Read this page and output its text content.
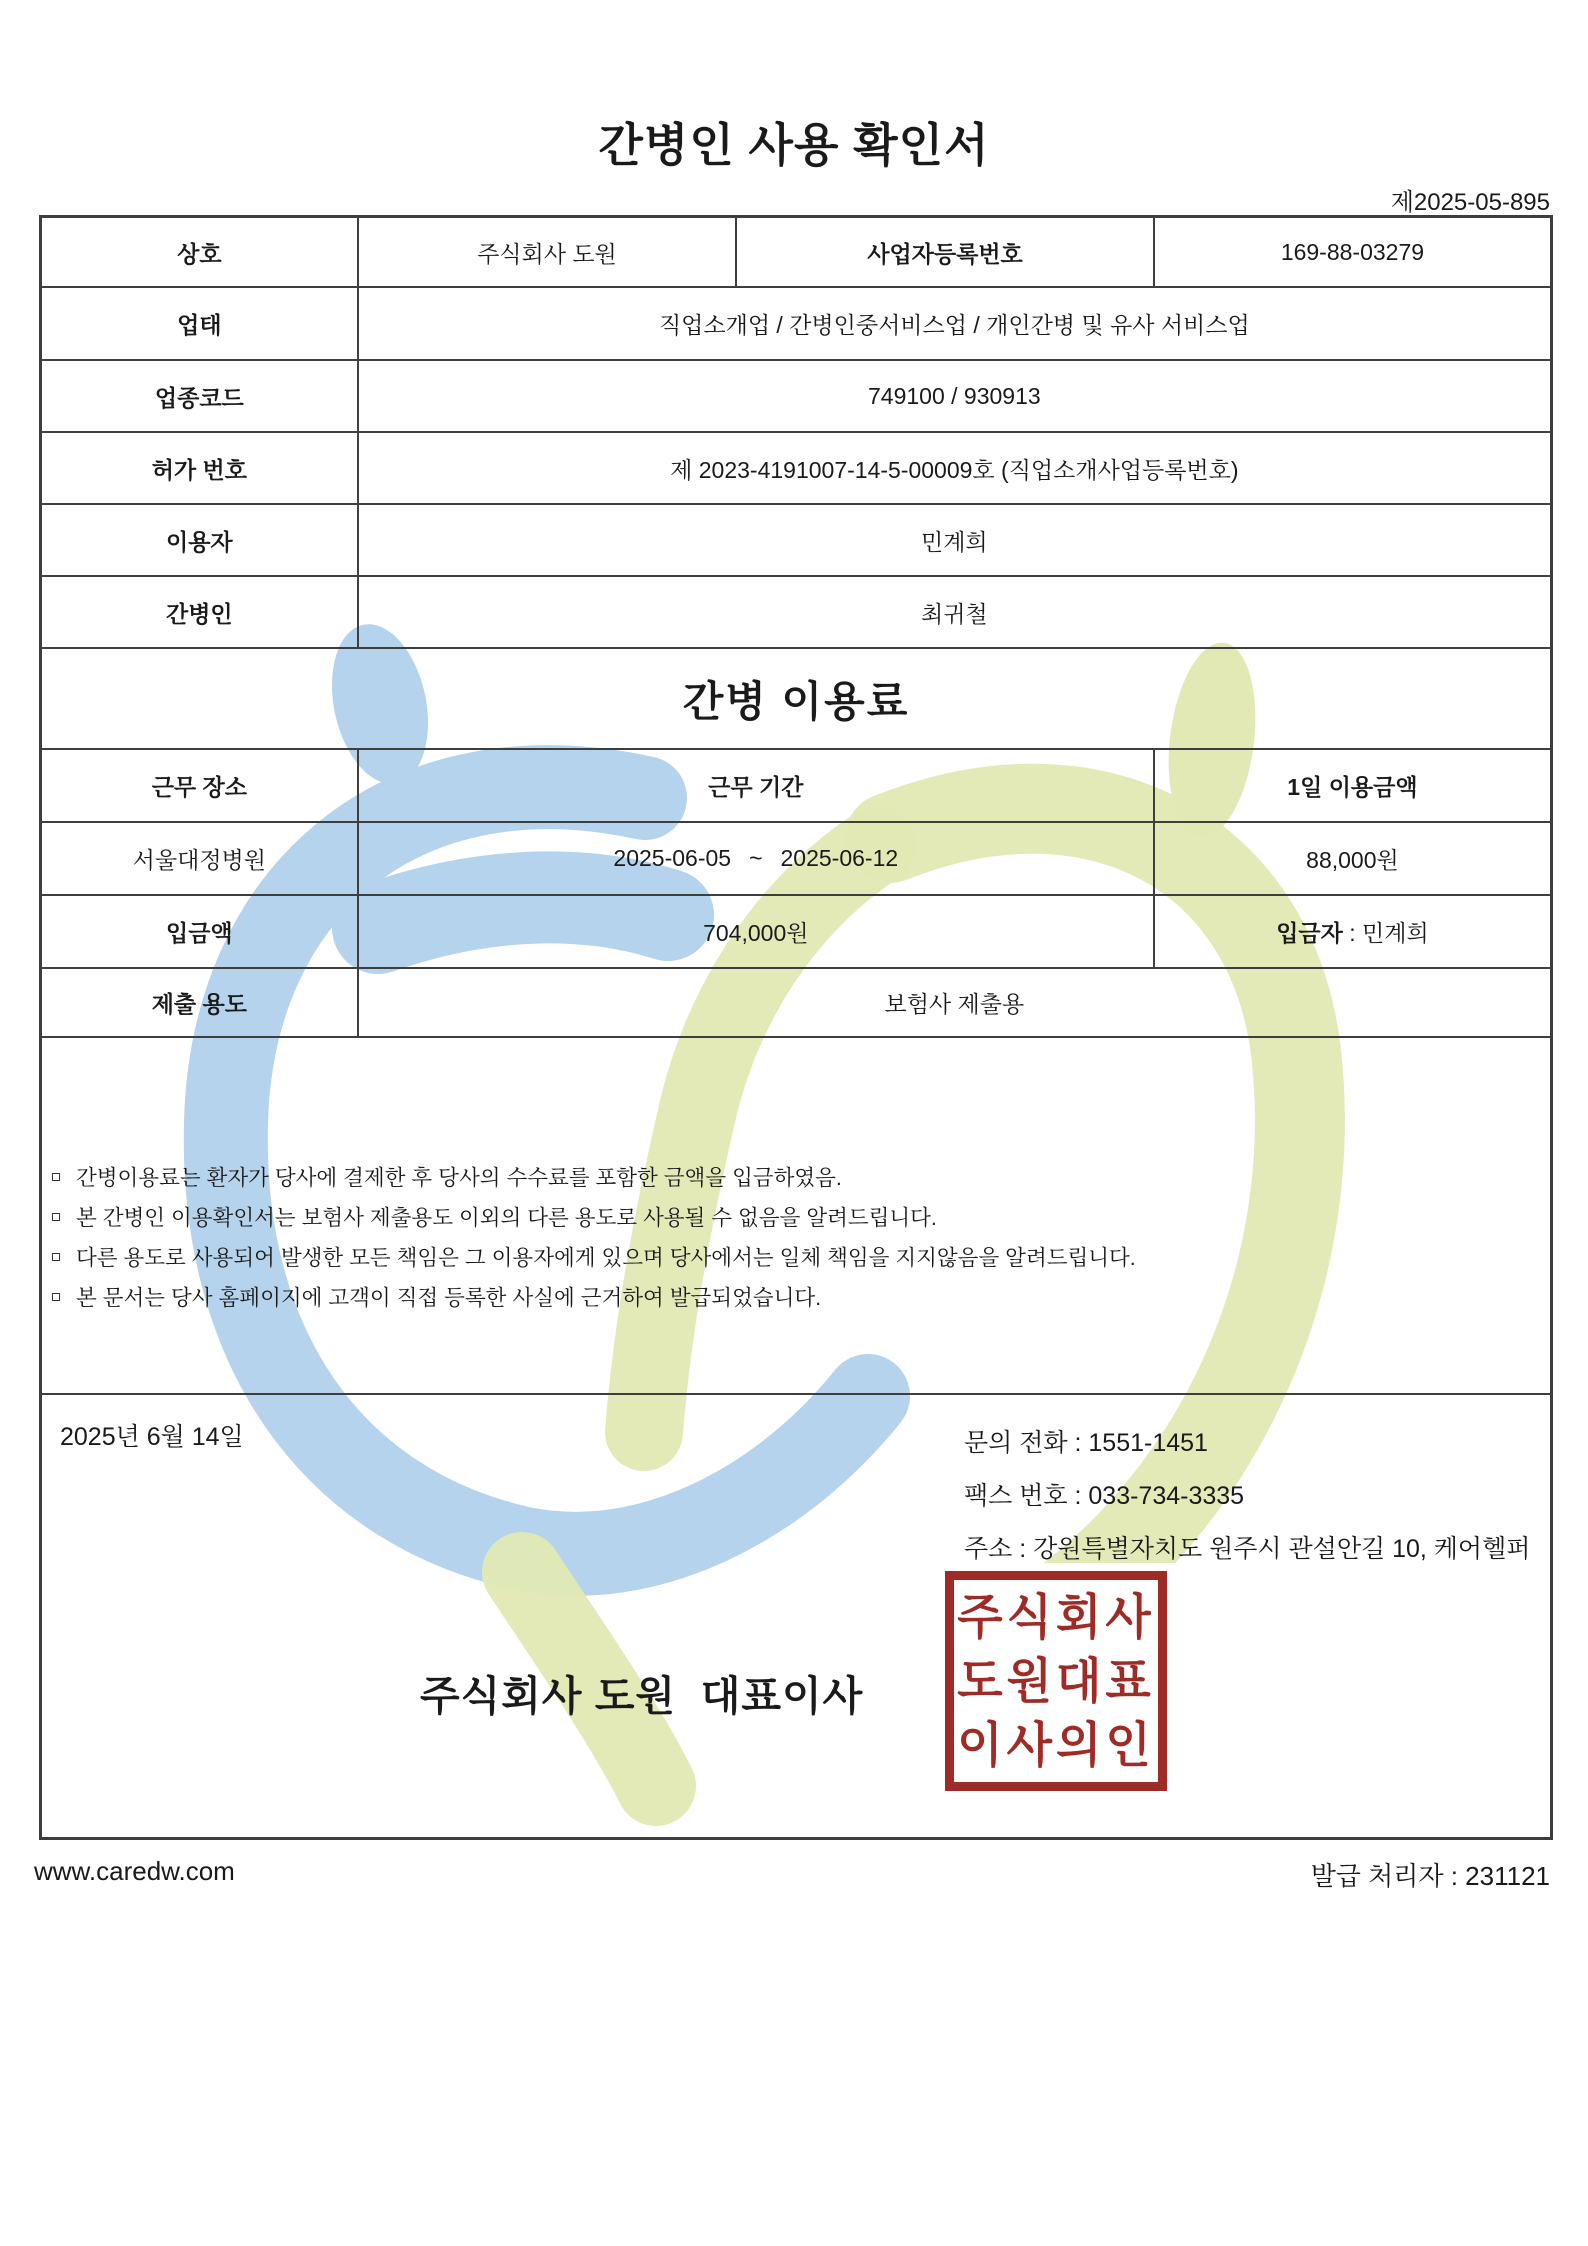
간병인 사용 확인서
제2025-05-895
상호	주식회사 도원	사업자등록번호	169-88-03279
업태	직업소개업 / 간병인중서비스업 / 개인간병 및 유사 서비스업
업종코드	749100 / 930913
허가 번호	제 2023-4191007-14-5-00009호 (직업소개사업등록번호)
이용자	민계희
간병인	최귀철
간병 이용료
근무 장소	근무 기간	1일 이용금액
서울대정병원	2025-06-05 ~ 2025-06-12	88,000원
입금액	704,000원	입금자 : 민계희
제출 용도	보험사 제출용
간병이용료는 환자가 당사에 결제한 후 당사의 수수료를 포함한 금액을 입금하였음.
본 간병인 이용확인서는 보험사 제출용도 이외의 다른 용도로 사용될 수 없음을 알려드립니다.
다른 용도로 사용되어 발생한 모든 책임은 그 이용자에게 있으며 당사에서는 일체 책임을 지지않음을 알려드립니다.
본 문서는 당사 홈페이지에 고객이 직접 등록한 사실에 근거하여 발급되었습니다.
2025년 6월 14일	문의 전화 : 1551-1451
팩스 번호 : 033-734-3335
주소 : 강원특별자치도 원주시 관설안길 10, 케어헬퍼
주식회사 도원  대표이사
주식회사
도원대표
이사의인
www.caredw.com	발급 처리자 : 231121
